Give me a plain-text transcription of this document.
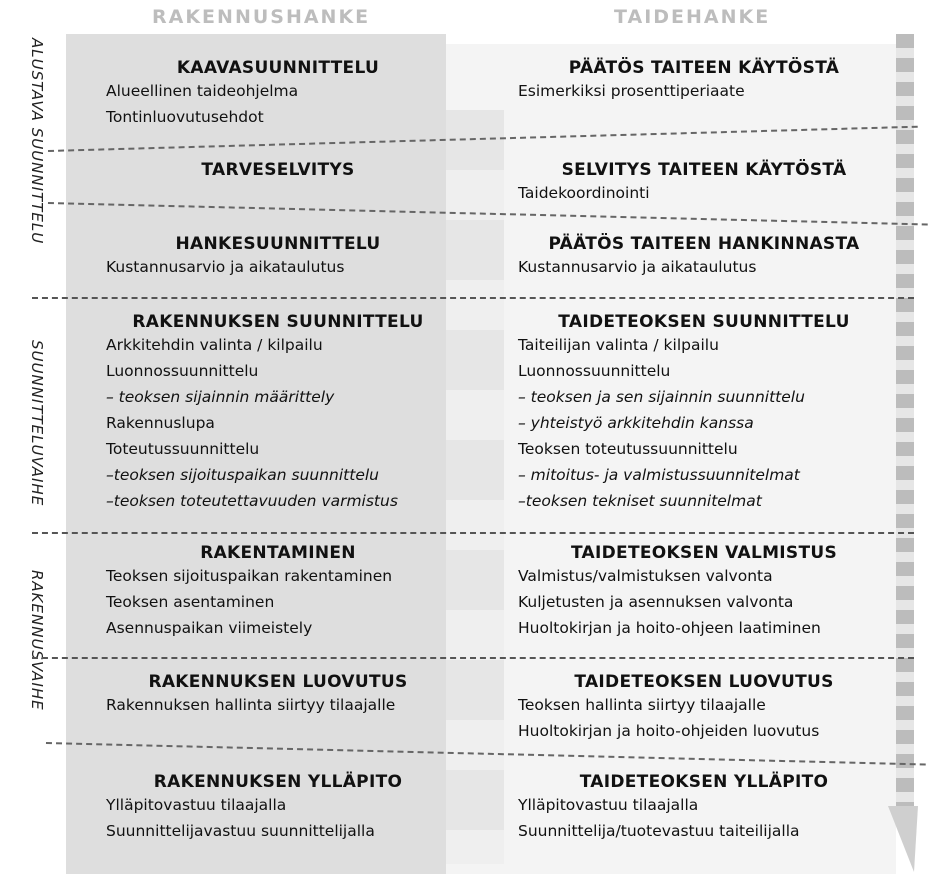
RAKENNUSHANKE	TAIDEHANKE
ALUSTAVA SUUNNITTELU
SUUNNITTELUVAIHE
RAKENNUSVAIHE
KAAVASUUNNITTELU
Alueellinen taideohjelma
Tontinluovutusehdot
PÄÄTÖS TAITEEN KÄYTÖSTÄ
Esimerkiksi prosenttiperiaate
TARVESELVITYS	SELVITYS TAITEEN KÄYTÖSTÄ
Taidekoordinointi
HANKESUUNNITTELU
Kustannusarvio ja aikataulutus
PÄÄTÖS TAITEEN HANKINNASTA
Kustannusarvio ja aikataulutus
RAKENNUKSEN SUUNNITTELU
Arkkitehdin valinta / kilpailu
Luonnossuunnittelu
– teoksen sijainnin määrittely
Rakennuslupa
Toteutussuunnittelu
–teoksen sijoituspaikan suunnittelu
–teoksen toteutettavuuden varmistus
TAIDETEOKSEN SUUNNITTELU
Taiteilijan valinta / kilpailu
Luonnossuunnittelu
– teoksen ja sen sijainnin suunnittelu
– yhteistyö arkkitehdin kanssa
Teoksen toteutussuunnittelu
– mitoitus- ja valmistussuunnitelmat
–teoksen tekniset suunnitelmat
RAKENTAMINEN
Teoksen sijoituspaikan rakentaminen
Teoksen asentaminen
Asennuspaikan viimeistely
TAIDETEOKSEN VALMISTUS
Valmistus/valmistuksen valvonta
Kuljetusten ja asennuksen valvonta
Huoltokirjan ja hoito-ohjeen laatiminen
RAKENNUKSEN LUOVUTUS
Rakennuksen hallinta siirtyy tilaajalle
TAIDETEOKSEN LUOVUTUS
Teoksen hallinta siirtyy tilaajalle
Huoltokirjan ja hoito-ohjeiden luovutus
RAKENNUKSEN YLLÄPITO
Ylläpitovastuu tilaajalla
Suunnittelijavastuu suunnittelijalla
TAIDETEOKSEN YLLÄPITO
Ylläpitovastuu tilaajalla
Suunnittelija/tuotevastuu taiteilijalla
